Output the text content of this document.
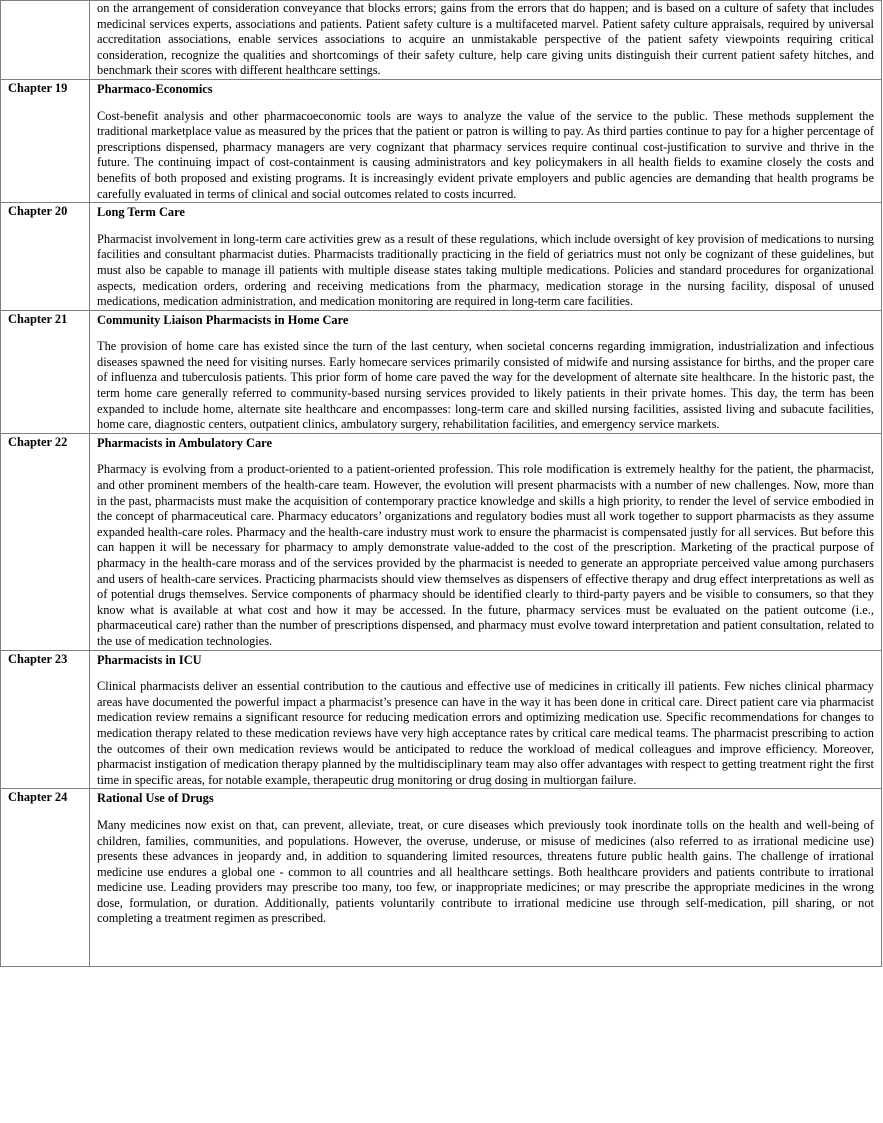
	on the arrangement of consideration conveyance that blocks errors; gains from the errors that do happen; and is based on a culture of safety that includes medicinal services experts, associations and patients. Patient safety culture is a multifaceted marvel. Patient safety culture appraisals, required by universal accreditation associations, enable services associations to acquire an unmistakable perspective of the patient safety viewpoints requiring critical consideration, recognize the qualities and shortcomings of their safety culture, help care giving units distinguish their current patient safety hitches, and benchmark their scores with different healthcare settings.

Chapter 19	Pharmaco-Economics

Cost-benefit analysis and other pharmacoeconomic tools are ways to analyze the value of the service to the public. These methods supplement the traditional marketplace value as measured by the prices that the patient or patron is willing to pay. As third parties continue to pay for a higher percentage of prescriptions dispensed, pharmacy managers are very cognizant that pharmacy services require continual cost-justification to survive and thrive in the future. The continuing impact of cost-containment is causing administrators and key policymakers in all health fields to examine closely the costs and benefits of both proposed and existing programs. It is increasingly evident private employers and public agencies are demanding that health programs be carefully evaluated in terms of clinical and social outcomes related to costs incurred.

Chapter 20	Long Term Care

Pharmacist involvement in long-term care activities grew as a result of these regulations, which include oversight of key provision of medications to nursing facilities and consultant pharmacist duties. Pharmacists traditionally practicing in the field of geriatrics must not only be cognizant of these guidelines, but must also be capable to manage ill patients with multiple disease states taking multiple medications. Policies and standard procedures for organizational aspects, medication orders, ordering and receiving medications from the pharmacy, medication storage in the nursing facility, disposal of unused medications, medication administration, and medication monitoring are required in long-term care facilities.

Chapter 21	Community Liaison Pharmacists in Home Care

The provision of home care has existed since the turn of the last century, when societal concerns regarding immigration, industrialization and infectious diseases spawned the need for visiting nurses. Early homecare services primarily consisted of midwife and nursing assistance for births, and the proper care of influenza and tuberculosis patients. This prior form of home care paved the way for the development of alternate site healthcare. In the historic past, the term home care generally referred to community-based nursing services provided to likely patients in their private homes. This day, the term has been expanded to include home, alternate site healthcare and encompasses: long-term care and skilled nursing facilities, assisted living and subacute facilities, home care, diagnostic centers, outpatient clinics, ambulatory surgery, rehabilitation facilities, and emergency service markets.

Chapter 22	Pharmacists in Ambulatory Care

Pharmacy is evolving from a product-oriented to a patient-oriented profession. This role modification is extremely healthy for the patient, the pharmacist, and other prominent members of the health-care team. However, the evolution will present pharmacists with a number of new challenges. Now, more than in the past, pharmacists must make the acquisition of contemporary practice knowledge and skills a high priority, to render the level of service embodied in the concept of pharmaceutical care. Pharmacy educators’ organizations and regulatory bodies must all work together to support pharmacists as they assume expanded health-care roles. Pharmacy and the health-care industry must work to ensure the pharmacist is compensated justly for all services. But before this can happen it will be necessary for pharmacy to amply demonstrate value-added to the cost of the prescription. Marketing of the practical purpose of pharmacy in the health-care morass and of the services provided by the pharmacist is needed to generate an appropriate perceived value among purchasers and users of health-care services. Practicing pharmacists should view themselves as dispensers of effective therapy and drug effect interpretations as well as of potential drugs themselves. Service components of pharmacy should be identified clearly to third-party payers and be visible to consumers, so that they know what is available at what cost and how it may be accessed. In the future, pharmacy services must be evaluated on the patient outcome (i.e., pharmaceutical care) rather than the number of prescriptions dispensed, and pharmacy must evolve toward interpretation and patient consultation, related to the use of medication technologies.

Chapter 23	Pharmacists in ICU

Clinical pharmacists deliver an essential contribution to the cautious and effective use of medicines in critically ill patients. Few niches clinical pharmacy areas have documented the powerful impact a pharmacist’s presence can have in the way it has been done in critical care. Direct patient care via pharmacist medication review remains a significant resource for reducing medication errors and optimizing medication use. Specific recommendations for changes to medication therapy related to these medication reviews have very high acceptance rates by critical care medical teams. The pharmacist prescribing to action the outcomes of their own medication reviews would be anticipated to reduce the workload of medical colleagues and improve efficiency. Moreover, pharmacist instigation of medication therapy planned by the multidisciplinary team may also offer advantages with respect to getting treatment right the first time in specific areas, for notable example, therapeutic drug monitoring or drug dosing in multiorgan failure.

Chapter 24	Rational Use of Drugs

Many medicines now exist on that, can prevent, alleviate, treat, or cure diseases which previously took inordinate tolls on the health and well-being of children, families, communities, and populations. However, the overuse, underuse, or misuse of medicines (also referred to as irrational medicine use) presents these advances in jeopardy and, in addition to squandering limited resources, threatens future public health gains. The challenge of irrational medicine use endures a global one - common to all countries and all healthcare settings. Both healthcare providers and patients contribute to irrational medicine use. Leading providers may prescribe too many, too few, or inappropriate medicines; or may prescribe the appropriate medicines in the wrong dose, formulation, or duration. Additionally, patients voluntarily contribute to irrational medicine use through self-medication, pill sharing, or not completing a treatment regimen as prescribed.
